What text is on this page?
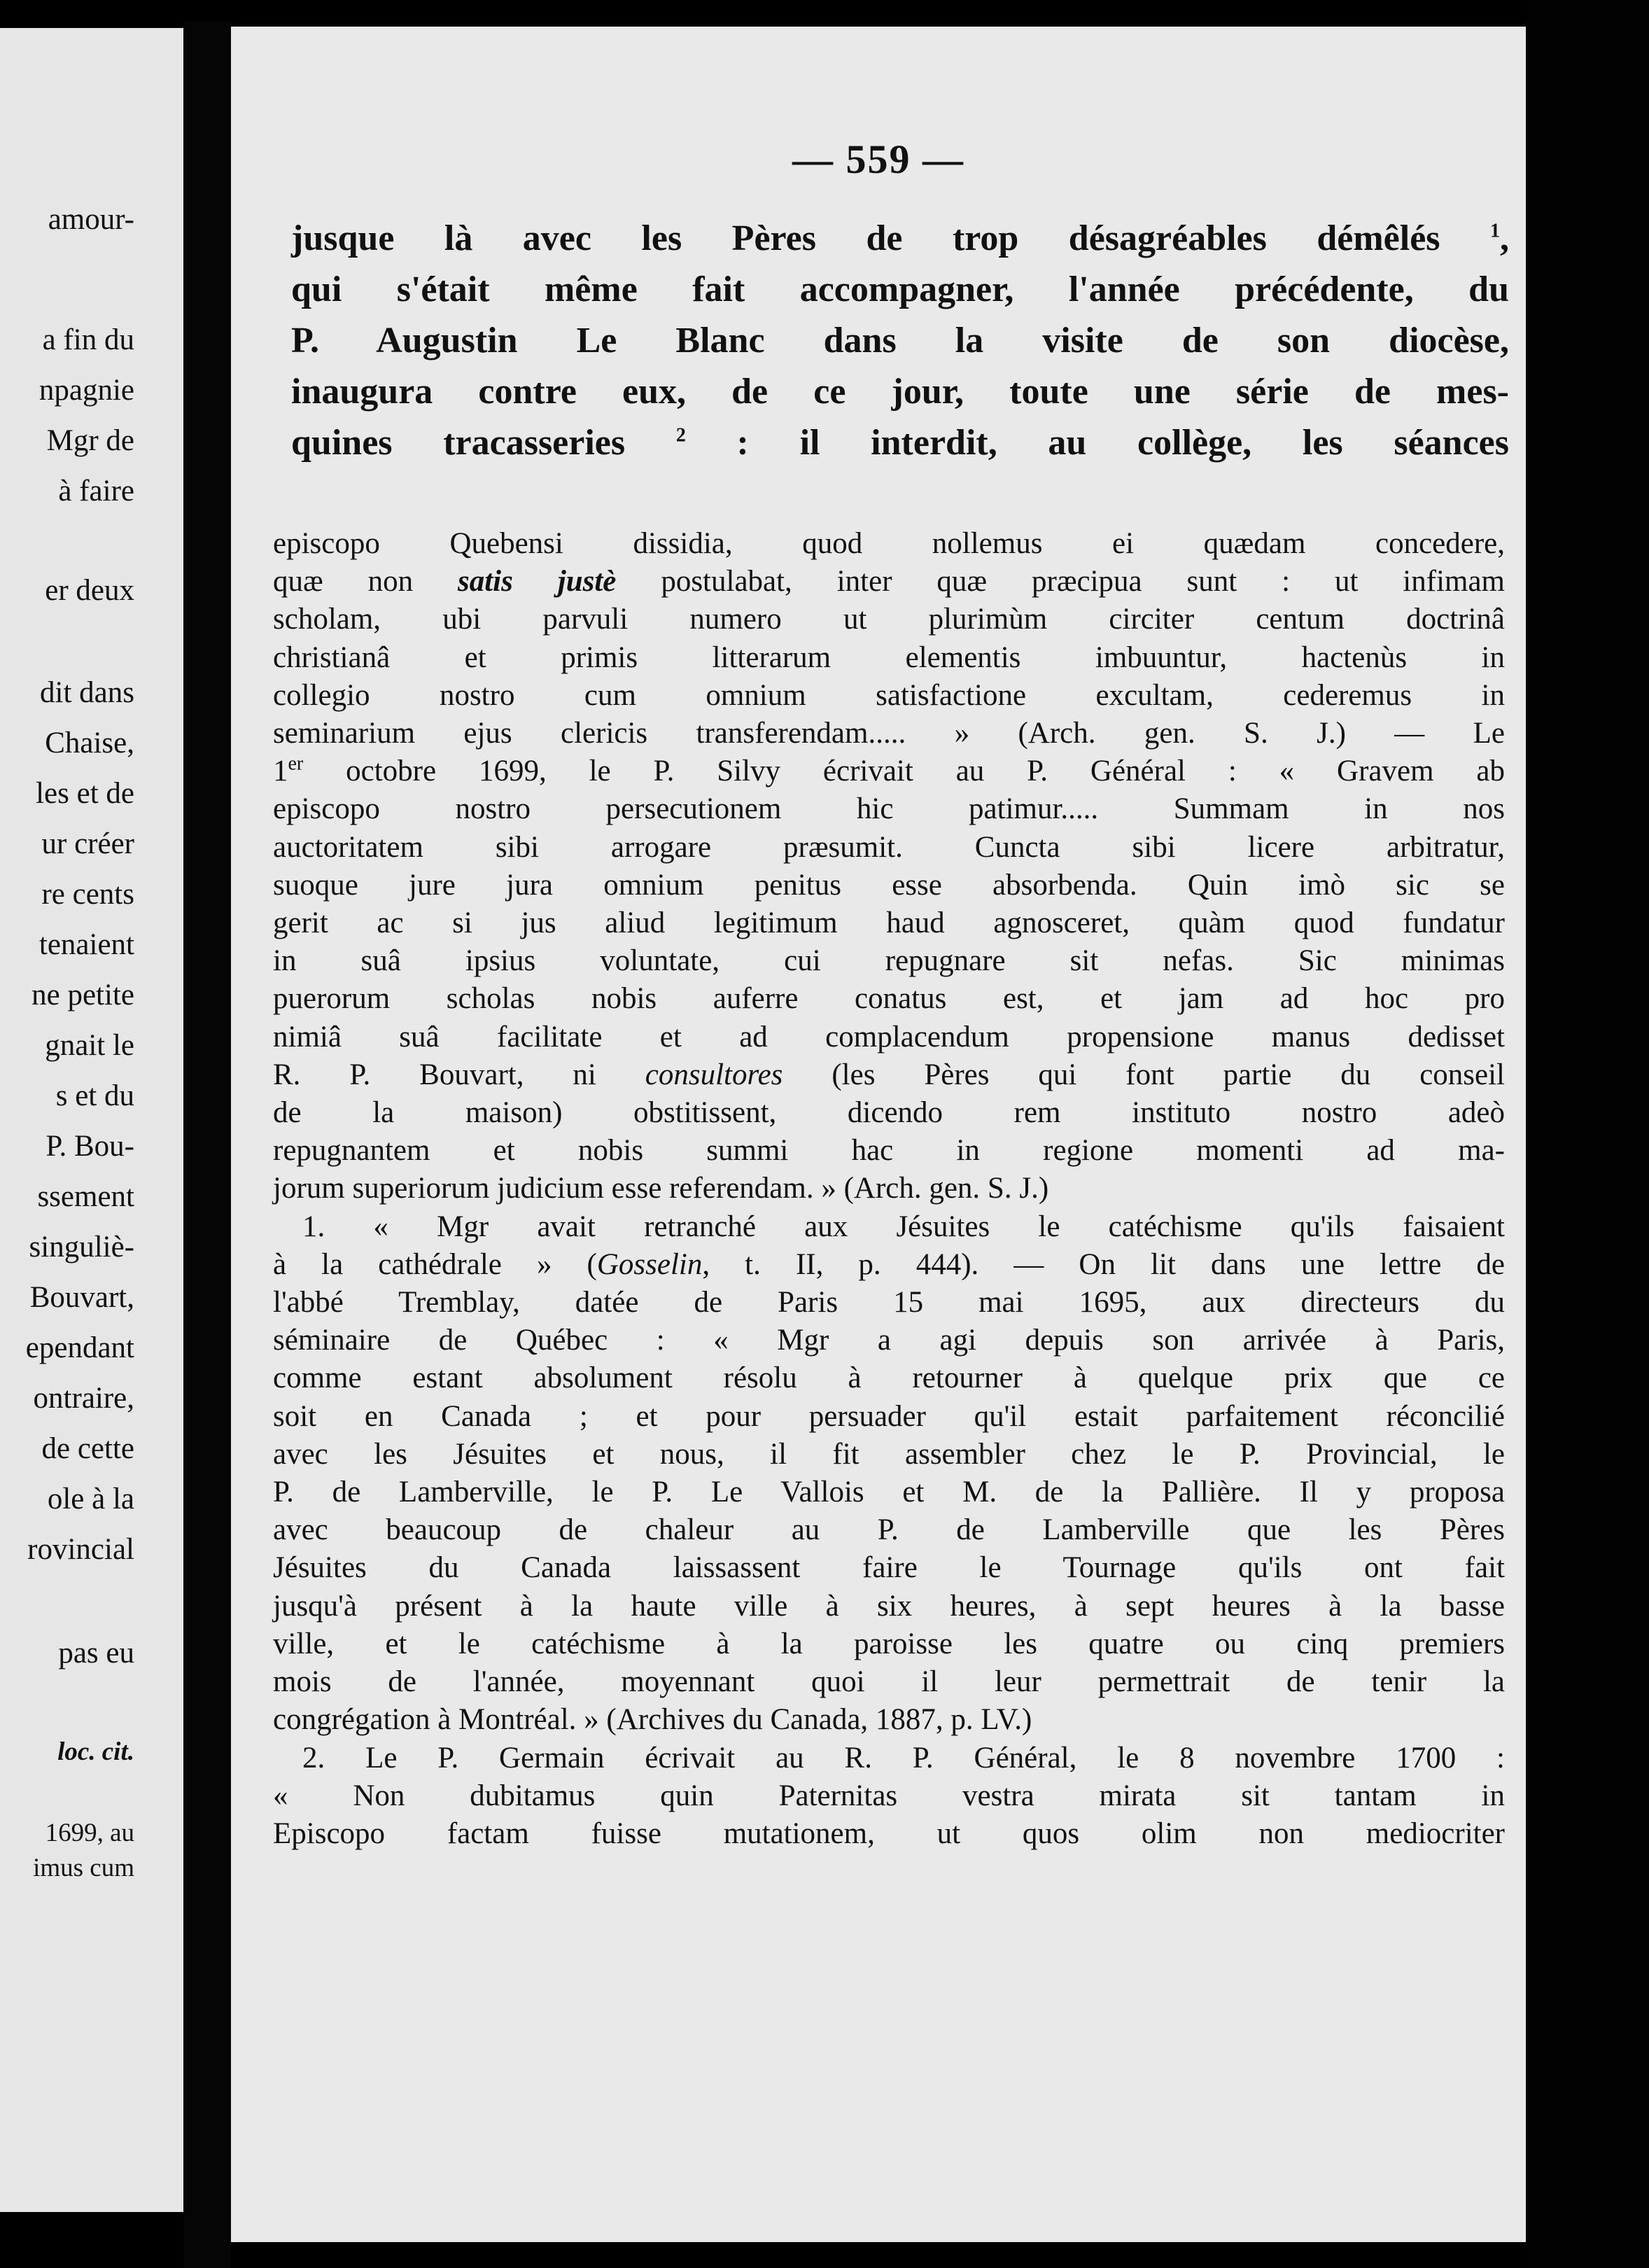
amour-
a fin du
npagnie
Mgr de
à faire
er deux
dit dans
Chaise,
les et de
ur créer
re cents
tenaient
ne petite
gnait le
s et du
P. Bou-
ssement
singuliè-
Bouvart,
ependant
ontraire,
de cette
ole à la
rovincial
pas eu
loc. cit.
1699, au
imus cum
— 559 —
jusque là avec les Pères de trop désagréables démêlés	$^1$,
qui s'était même fait accompagner, l'année précédente, du
P. Augustin Le Blanc dans la visite de son diocèse,
inaugura contre eux, de ce jour, toute une série de mes-
quines tracasseries	$^2$ : il interdit, au collège, les séances
episcopo Quebensi dissidia, quod nollemus ei quædam concedere,
quæ non satis justè postulabat, inter quæ præcipua sunt : ut infimam
scholam, ubi parvuli numero ut plurimùm circiter centum doctrinâ
christianâ et primis litterarum elementis imbuuntur, hactenùs in
collegio nostro cum omnium satisfactione excultam, cederemus in
seminarium ejus clericis transferendam..... » (Arch. gen. S. J.) — Le
1er octobre 1699, le P. Silvy écrivait au P. Général : « Gravem ab
episcopo nostro persecutionem hic patimur..... Summam in nos
auctoritatem sibi arrogare præsumit. Cuncta sibi licere arbitratur,
suoque jure jura omnium penitus esse absorbenda. Quin imò sic se
gerit ac si jus aliud legitimum haud agnosceret, quàm quod fundatur
in suâ ipsius voluntate, cui repugnare sit nefas. Sic minimas
puerorum scholas nobis auferre conatus est, et jam ad hoc pro
nimiâ suâ facilitate et ad complacendum propensione manus dedisset
R. P. Bouvart, ni consultores (les Pères qui font partie du conseil
de la maison) obstitissent, dicendo rem instituto nostro adeò
repugnantem et nobis summi hac in regione momenti ad ma-
jorum superiorum judicium esse referendam. » (Arch. gen. S. J.)
1. « Mgr avait retranché aux Jésuites le catéchisme qu'ils faisaient
à la cathédrale » (Gosselin, t. II, p. 444). — On lit dans une lettre de
l'abbé Tremblay, datée de Paris 15 mai 1695, aux directeurs du
séminaire de Québec : « Mgr a agi depuis son arrivée à Paris,
comme estant absolument résolu à retourner à quelque prix que ce
soit en Canada ; et pour persuader qu'il estait parfaitement réconcilié
avec les Jésuites et nous, il fit assembler chez le P. Provincial, le
P. de Lamberville, le P. Le Vallois et M. de la Pallière. Il y proposa
avec beaucoup de chaleur au P. de Lamberville que les Pères
Jésuites du Canada laissassent faire le Tournage qu'ils ont fait
jusqu'à présent à la haute ville à six heures, à sept heures à la basse
ville, et le catéchisme à la paroisse les quatre ou cinq premiers
mois de l'année, moyennant quoi il leur permettrait de tenir la
congrégation à Montréal. » (Archives du Canada, 1887, p. LV.)
2. Le P. Germain écrivait au R. P. Général, le 8 novembre 1700 :
« Non dubitamus quin Paternitas vestra mirata sit tantam in
Episcopo factam fuisse mutationem, ut quos olim non mediocriter
